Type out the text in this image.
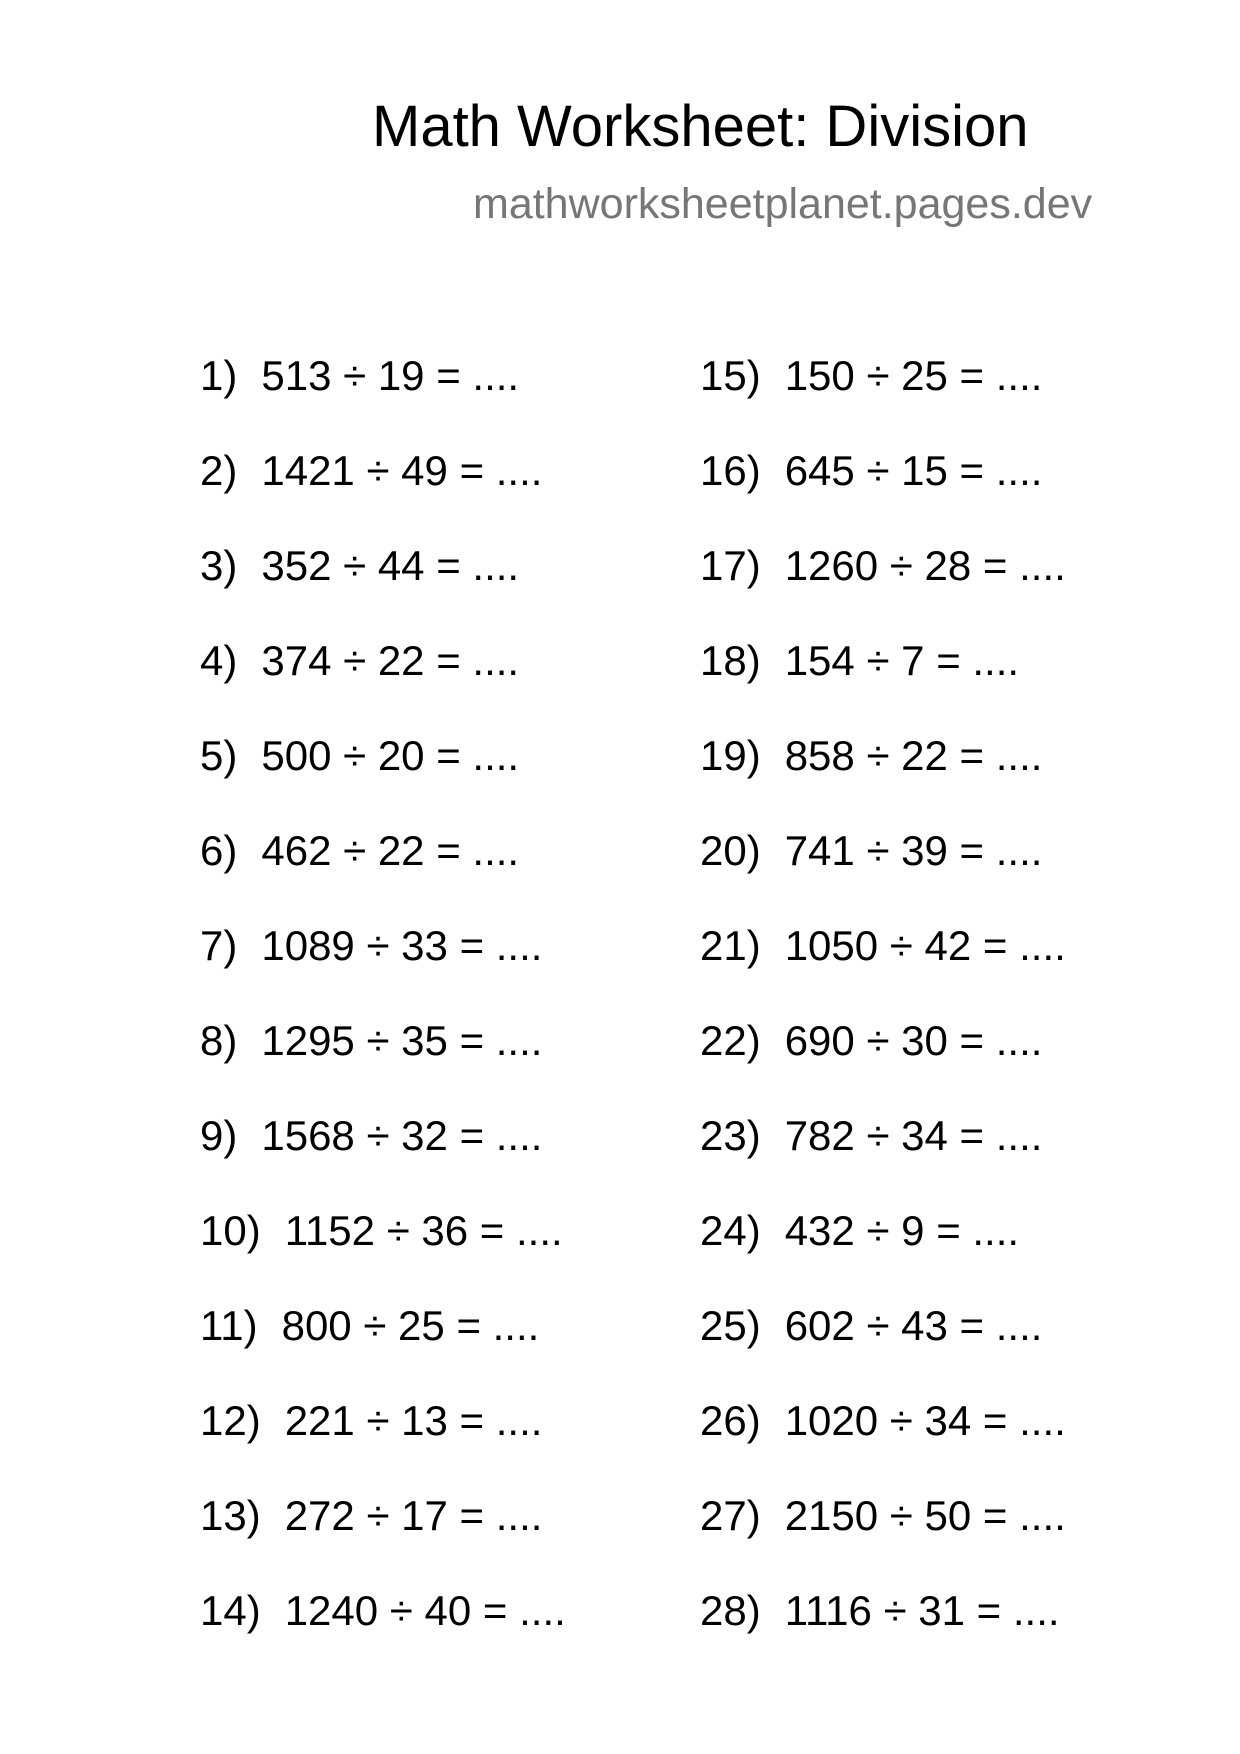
Math Worksheet: Division
mathworksheetplanet.pages.dev
1) 513 ÷ 19 = ....
2) 1421 ÷ 49 = ....
3) 352 ÷ 44 = ....
4) 374 ÷ 22 = ....
5) 500 ÷ 20 = ....
6) 462 ÷ 22 = ....
7) 1089 ÷ 33 = ....
8) 1295 ÷ 35 = ....
9) 1568 ÷ 32 = ....
10) 1152 ÷ 36 = ....
11) 800 ÷ 25 = ....
12) 221 ÷ 13 = ....
13) 272 ÷ 17 = ....
14) 1240 ÷ 40 = ....
15) 150 ÷ 25 = ....
16) 645 ÷ 15 = ....
17) 1260 ÷ 28 = ....
18) 154 ÷ 7 = ....
19) 858 ÷ 22 = ....
20) 741 ÷ 39 = ....
21) 1050 ÷ 42 = ....
22) 690 ÷ 30 = ....
23) 782 ÷ 34 = ....
24) 432 ÷ 9 = ....
25) 602 ÷ 43 = ....
26) 1020 ÷ 34 = ....
27) 2150 ÷ 50 = ....
28) 1116 ÷ 31 = ....
